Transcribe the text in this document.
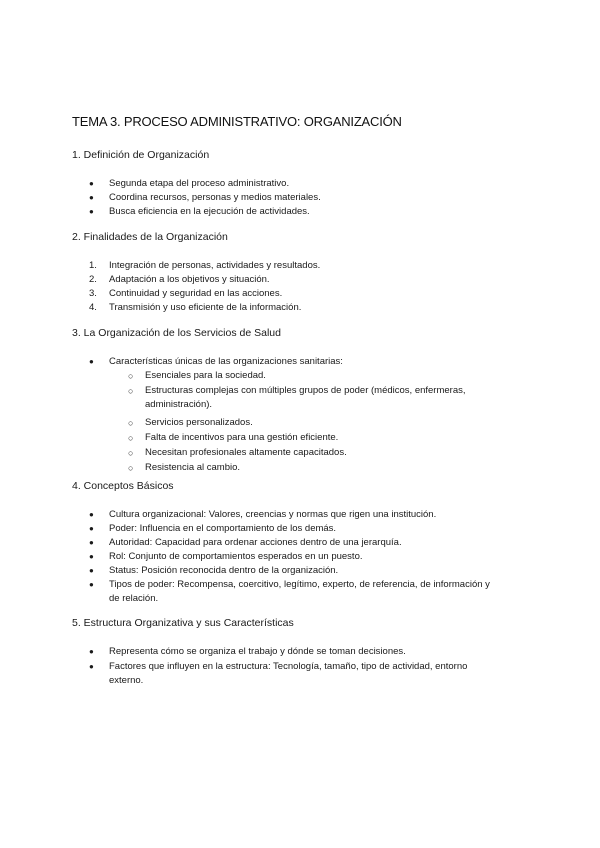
TEMA 3. PROCESO ADMINISTRATIVO: ORGANIZACIÓN
1. Definición de Organización
● Segunda etapa del proceso administrativo.
● Coordina recursos, personas y medios materiales.
● Busca eficiencia en la ejecución de actividades.
2. Finalidades de la Organización
1.	Integración de personas, actividades y resultados.
2.	Adaptación a los objetivos y situación.
3.	Continuidad y seguridad en las acciones.
4.	Transmisión y uso eficiente de la información.
3. La Organización de los Servicios de Salud
● Características únicas de las organizaciones sanitarias:
○ Esenciales para la sociedad.
○ Estructuras complejas con múltiples grupos de poder (médicos, enfermeras, administración).
○ Servicios personalizados.
○ Falta de incentivos para una gestión eficiente.
○ Necesitan profesionales altamente capacitados.
○ Resistencia al cambio.
4. Conceptos Básicos
● Cultura organizacional: Valores, creencias y normas que rigen una institución.
● Poder: Influencia en el comportamiento de los demás.
● Autoridad: Capacidad para ordenar acciones dentro de una jerarquía.
● Rol: Conjunto de comportamientos esperados en un puesto.
● Status: Posición reconocida dentro de la organización.
● Tipos de poder: Recompensa, coercitivo, legítimo, experto, de referencia, de información y de relación.
5. Estructura Organizativa y sus Características
● Representa cómo se organiza el trabajo y dónde se toman decisiones.
● Factores que influyen en la estructura: Tecnología, tamaño, tipo de actividad, entorno externo.
